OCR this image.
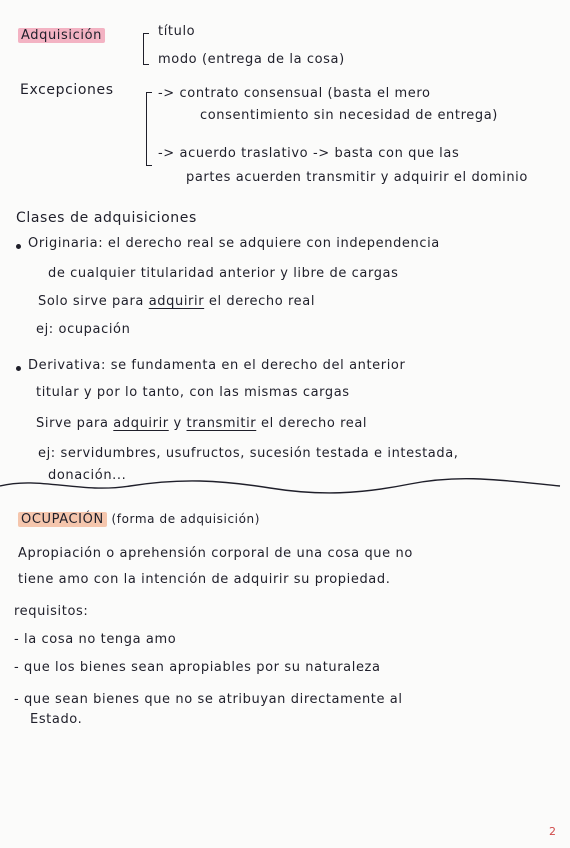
Adquisición	título
modo (entrega de la cosa)
Excepciones	-> contrato consensual (basta el mero
consentimiento sin necesidad de entrega)
-> acuerdo traslativo -> basta con que las
partes acuerden transmitir y adquirir el dominio
Clases de adquisiciones
Originaria: el derecho real se adquiere con independencia
de cualquier titularidad anterior y libre de cargas
Solo sirve para adquirir el derecho real
ej: ocupación
Derivativa: se fundamenta en el derecho del anterior
titular y por lo tanto, con las mismas cargas
Sirve para adquirir y transmitir el derecho real
ej: servidumbres, usufructos, sucesión testada e intestada,
donación...
OCUPACIÓN (forma de adquisición)
Apropiación o aprehensión corporal de una cosa que no
tiene amo con la intención de adquirir su propiedad.
requisitos:
- la cosa no tenga amo
- que los bienes sean apropiables por su naturaleza
- que sean bienes que no se atribuyan directamente al
Estado.
2
